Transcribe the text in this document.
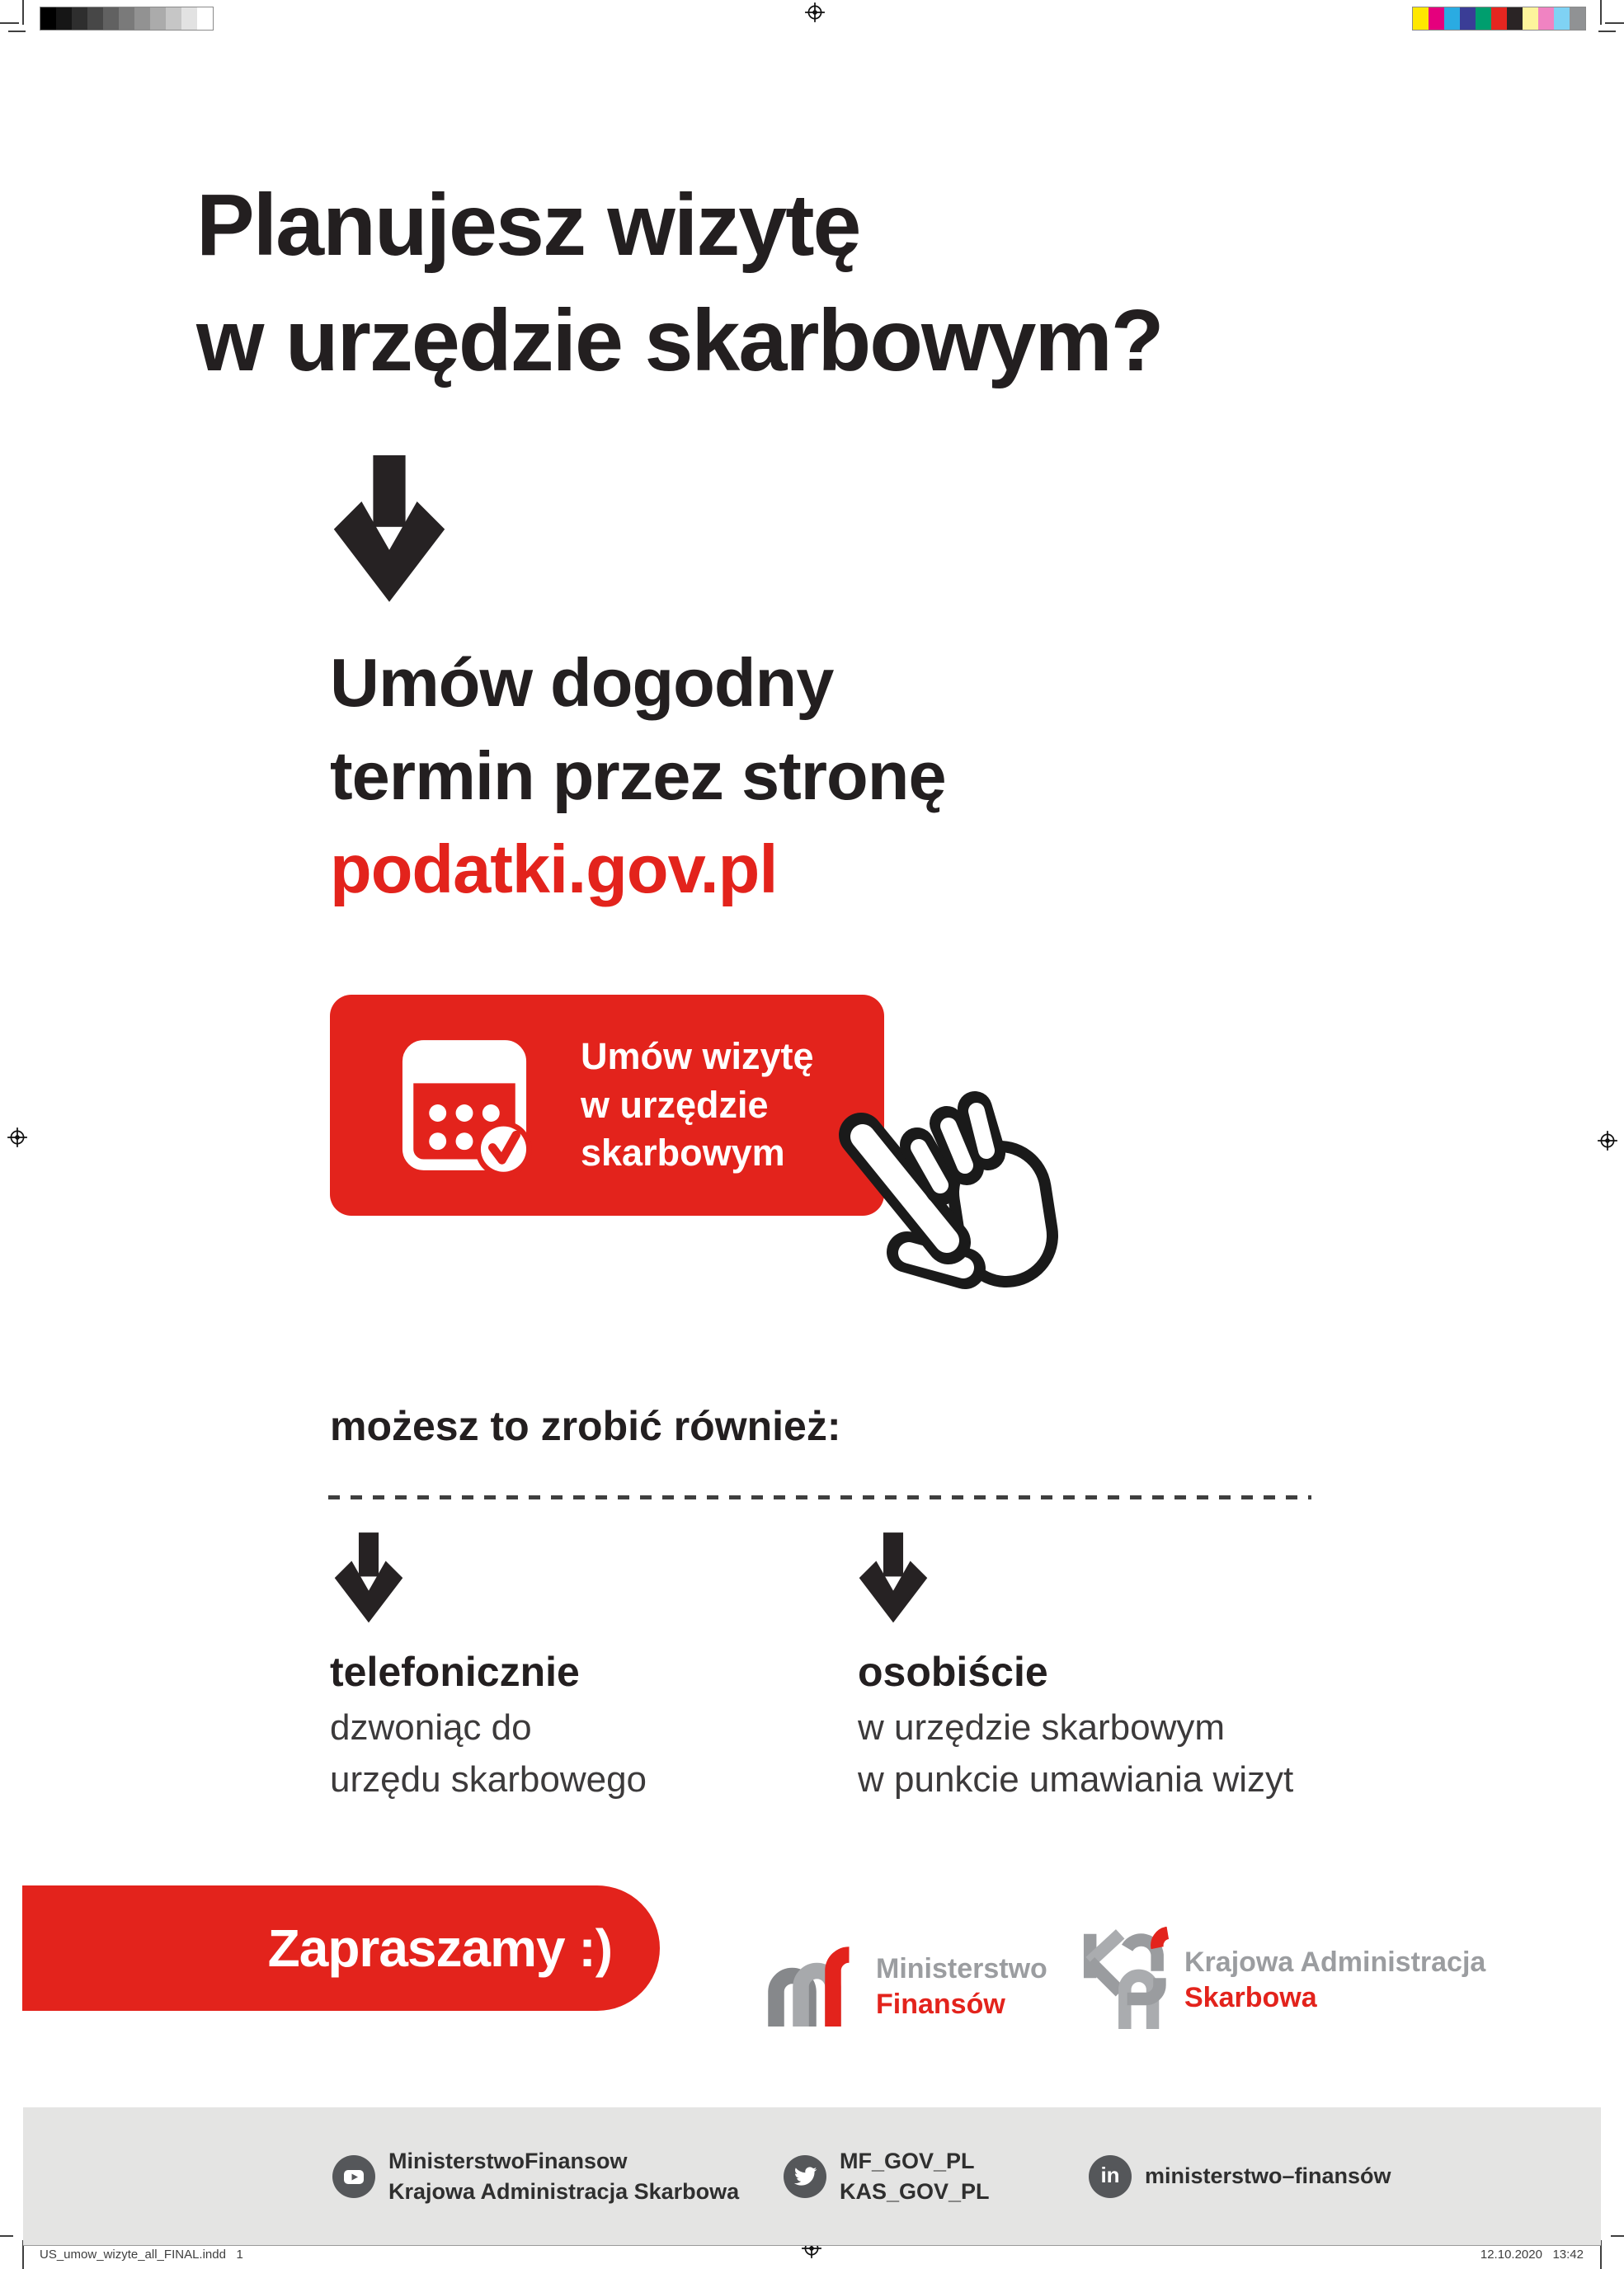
Planujesz wizytę
w urzędzie skarbowym?
Umów dogodny
termin przez stronę
podatki.gov.pl
Umów wizytę
w urzędzie
skarbowym
możesz to zrobić również:
telefonicznie
dzwoniąc do
urzędu skarbowego
osobiście
w urzędzie skarbowym
w punkcie umawiania wizyt
Zapraszamy :)	Ministerstwo
Finansów
Krajowa Administracja
Skarbowa
MinisterstwoFinansow
Krajowa Administracja Skarbowa
MF_GOV_PL
KAS_GOV_PL
in ministerstwo–finansów
US_umow_wizyte_all_FINAL.indd   1	12.10.2020   13:42
